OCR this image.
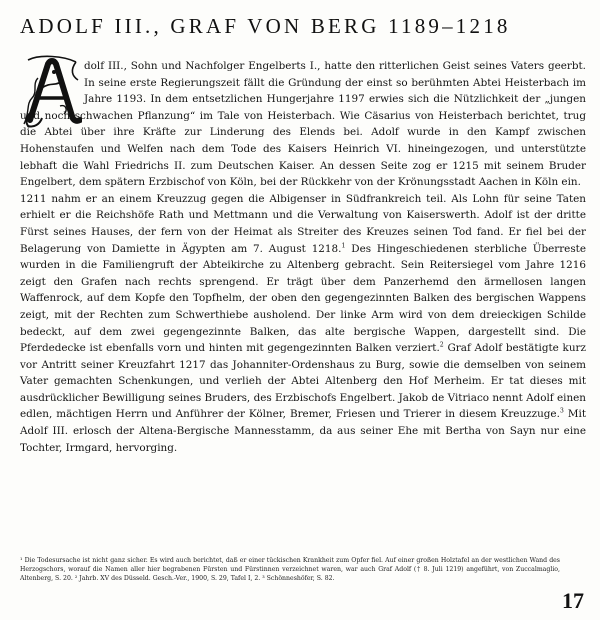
ADOLF III., GRAF VON BERG 1189–1218

dolf III., Sohn und Nachfolger Engelberts I., hatte den ritterlichen Geist seines Vaters geerbt. In seine erste Regierungszeit fällt die Gründung der einst so berühmten Abtei Heisterbach im Jahre 1193. In dem entsetzlichen Hungerjahre 1197 erwies sich die Nützlichkeit der „jungen und noch schwachen Pflanzung“ im Tale von Heisterbach. Wie Cäsarius von Heisterbach berichtet, trug die Abtei über ihre Kräfte zur Linderung des Elends bei. Adolf wurde in den Kampf zwischen Hohenstaufen und Welfen nach dem Tode des Kaisers Heinrich VI. hineingezogen, und unterstützte lebhaft die Wahl Friedrichs II. zum Deutschen Kaiser. An dessen Seite zog er 1215 mit seinem Bruder Engelbert, dem spätern Erzbischof von Köln, bei der Rückkehr von der Krönungsstadt Aachen in Köln ein.

1211 nahm er an einem Kreuzzug gegen die Albigenser in Südfrankreich teil. Als Lohn für seine Taten erhielt er die Reichshöfe Rath und Mettmann und die Verwaltung von Kaiserswerth. Adolf ist der dritte Fürst seines Hauses, der fern von der Heimat als Streiter des Kreuzes seinen Tod fand. Er fiel bei der Belagerung von Damiette in Ägypten am 7. August 1218.$^1$ Des Hingeschiedenen sterbliche Überreste wurden in die Familiengruft der Abteikirche zu Altenberg gebracht. Sein Reitersiegel vom Jahre 1216 zeigt den Grafen nach rechts sprengend. Er trägt über dem Panzerhemd den ärmellosen langen Waffenrock, auf dem Kopfe den Topfhelm, der oben den gegengezinnten Balken des bergischen Wappens zeigt, mit der Rechten zum Schwerthiebe ausholend. Der linke Arm wird von dem dreieckigen Schilde bedeckt, auf dem zwei gegengezinnte Balken, das alte bergische Wappen, dargestellt sind. Die Pferdedecke ist ebenfalls vorn und hinten mit gegengezinnten Balken verziert.$^2$ Graf Adolf bestätigte kurz vor Antritt seiner Kreuzfahrt 1217 das Johanniter-Ordenshaus zu Burg, sowie die demselben von seinem Vater gemachten Schenkungen, und verlieh der Abtei Altenberg den Hof Merheim. Er tat dieses mit ausdrücklicher Bewilligung seines Bruders, des Erzbischofs Engelbert. Jakob de Vitriaco nennt Adolf einen edlen, mächtigen Herrn und Anführer der Kölner, Bremer, Friesen und Trierer in diesem Kreuzzuge.$^3$ Mit Adolf III. erlosch der Altena-Bergische Mannesstamm, da aus seiner Ehe mit Bertha von Sayn nur eine Tochter, Irmgard, hervorging.

¹ Die Todesursache ist nicht ganz sicher. Es wird auch berichtet, daß er einer tückischen Krankheit zum Opfer fiel. Auf einer großen Holztafel an der westlichen Wand des Herzogschors, worauf die Namen aller hier begrabenen Fürsten und Fürstinnen verzeichnet waren, war auch Graf Adolf († 8. Juli 1219) angeführt, von Zuccalmaglio, Altenberg, S. 20. ² Jahrb. XV des Düsseld. Gesch.-Ver., 1900, S. 29, Tafel I, 2. ³ Schönneshöfer, S. 82.
17
